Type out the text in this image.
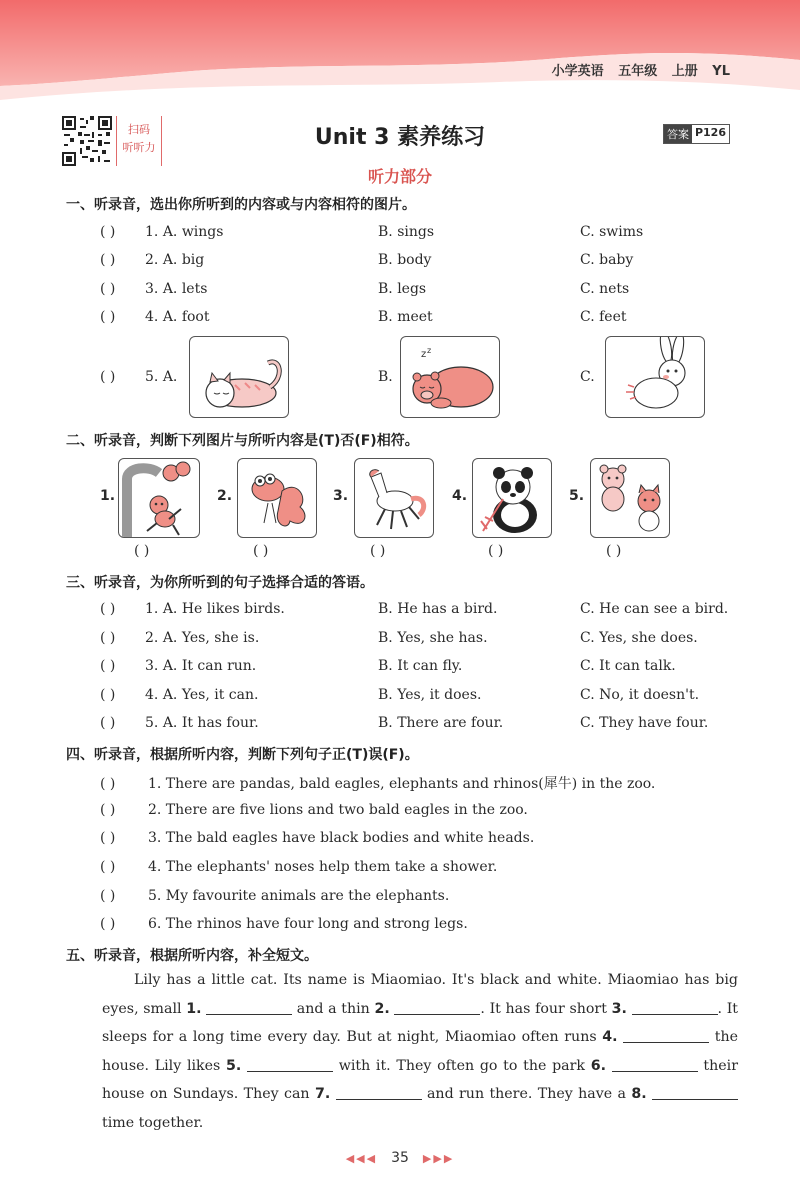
小学英语 五年级 上册 YL
扫码
听听力	Unit 3 素养练习	答案 P126
听力部分
一、听录音，选出你所听到的内容或与内容相符的图片。
( ) 1. A. wings	B. sings	C. swims
( ) 2. A. big	B. body	C. baby
( ) 3. A. lets	B. legs	C. nets
( ) 4. A. foot	B. meet	C. feet
( ) 5. A.	B.	C.
z z
二、听录音，判断下列图片与所听内容是(T)否(F)相符。
1.
( )
2.
( )
3.
( )
4.
( )
5.
( )
三、听录音，为你所听到的句子选择合适的答语。
( ) 1. A. He likes birds.	B. He has a bird.	C. He can see a bird.
( ) 2. A. Yes, she is.	B. Yes, she has.	C. Yes, she does.
( ) 3. A. It can run.	B. It can fly.	C. It can talk.
( ) 4. A. Yes, it can.	B. Yes, it does.	C. No, it doesn't.
( ) 5. A. It has four.	B. There are four.	C. They have four.
四、听录音，根据所听内容，判断下列句子正(T)误(F)。
( ) 1. There are pandas, bald eagles, elephants and rhinos(犀牛) in the zoo.
( ) 2. There are five lions and two bald eagles in the zoo.
( ) 3. The bald eagles have black bodies and white heads.
( ) 4. The elephants' noses help them take a shower.
( ) 5. My favourite animals are the elephants.
( ) 6. The rhinos have four long and strong legs.
五、听录音，根据所听内容，补全短文。
Lily has a little cat. Its name is Miaomiao. It's black and white. Miaomiao has big eyes, small 1.	and a thin 2.	. It has four short 3.	. It sleeps for a long time every day. But at night, Miaomiao often runs 4.	the house. Lily likes 5.	with it. They often go to the park 6.	their house on Sundays. They can 7.	and run there. They have a 8.  time together.
◀◀◀ 35 ▶▶▶
